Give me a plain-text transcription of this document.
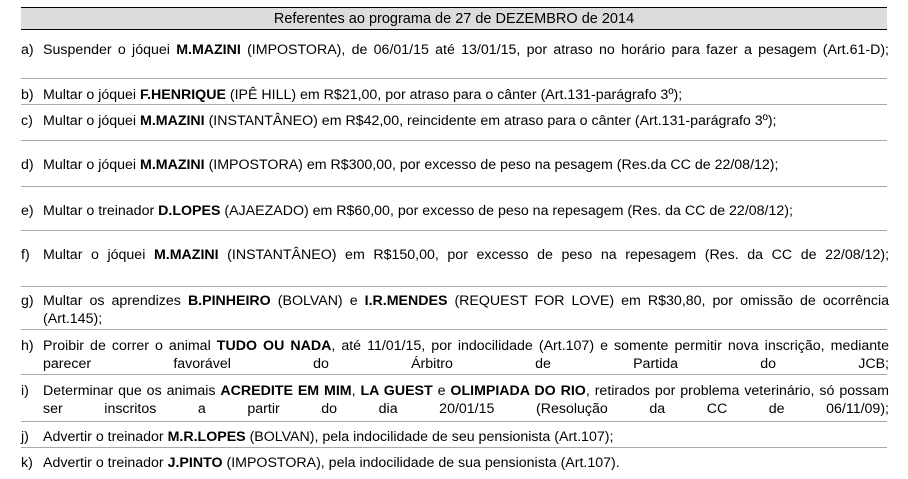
Referentes ao programa de 27 de DEZEMBRO de 2014
a) Suspender o jóquei M.MAZINI (IMPOSTORA), de 06/01/15 até 13/01/15, por atraso no horário para fazer a pesagem (Art.61-D);
b) Multar o jóquei F.HENRIQUE (IPÊ HILL) em R$21,00, por atraso para o cânter (Art.131-parágrafo 3º);
c) Multar o jóquei M.MAZINI (INSTANTÂNEO) em R$42,00, reincidente em atraso para o cânter (Art.131-parágrafo 3º);
d) Multar o jóquei M.MAZINI (IMPOSTORA) em R$300,00, por excesso de peso na pesagem (Res.da CC de 22/08/12);
e) Multar o treinador D.LOPES (AJAEZADO) em R$60,00, por excesso de peso na repesagem (Res. da CC de 22/08/12);
f) Multar o jóquei M.MAZINI (INSTANTÂNEO) em R$150,00, por excesso de peso na repesagem (Res. da CC de 22/08/12);
g) Multar os aprendizes B.PINHEIRO (BOLVAN) e I.R.MENDES (REQUEST FOR LOVE) em R$30,80, por omissão de ocorrência (Art.145);
h) Proibir de correr o animal TUDO OU NADA, até 11/01/15, por indocilidade (Art.107) e somente permitir nova inscrição, mediante parecer favorável do Árbitro de Partida do JCB;
i) Determinar que os animais ACREDITE EM MIM, LA GUEST e OLIMPIADA DO RIO, retirados por problema veterinário, só possam ser inscritos a partir do dia 20/01/15 (Resolução da CC de 06/11/09);
j) Advertir o treinador M.R.LOPES (BOLVAN), pela indocilidade de seu pensionista (Art.107);
k) Advertir o treinador J.PINTO (IMPOSTORA), pela indocilidade de sua pensionista (Art.107).
